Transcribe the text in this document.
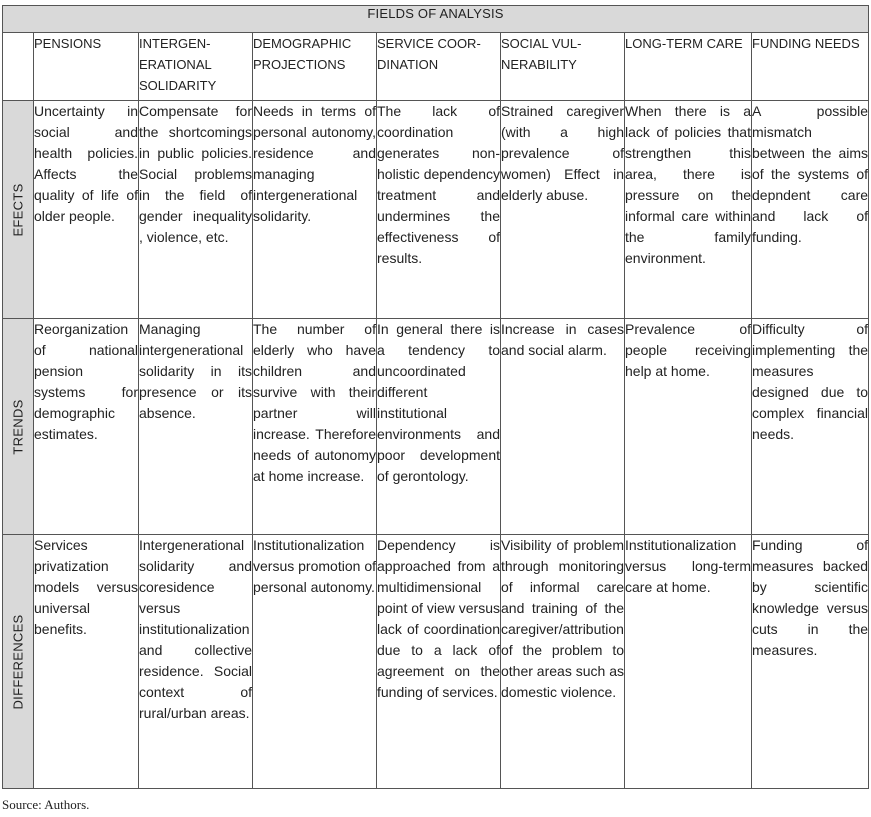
FIELDS OF ANALYSIS							
	PENSIONS	INTERGEN-ERATIONAL SOLIDARITY	DEMOGRAPHIC PROJECTIONS	SERVICE COOR-DINATION	SOCIAL VUL-NERABILITY	LONG-TERM CARE	FUNDING NEEDS

EFECTS	Uncertainty in social and health policies. Affects the quality of life of older people.	Compensate for the shortcomings in public policies. Social problems in the field of gender inequality , violence, etc.	Needs in terms of personal autonomy, residence and managing intergenerational solidarity.	The lack of coordination generates non-holistic dependency treatment and undermines the effectiveness of results.	Strained caregiver (with a high prevalence of women) Effect in elderly abuse.	When there is a lack of policies that strengthen this area, there is pressure on the informal care within the family environment.	A possible mismatch between the aims of the systems of depndent care and lack of funding.

TRENDS	Reorganization of national pension systems for demographic estimates.	Managing intergenerational solidarity in its presence or its absence.	The number of elderly who have children and survive with their partner will increase. Therefore needs of autonomy at home increase.	In general there is a tendency to uncoordinated different institutional environments and poor development of gerontology.	Increase in cases and social alarm.	Prevalence of people receiving help at home.	Difficulty of implementing the measures designed due to complex financial needs.

DIFFERENCES	Services privatization models versus universal benefits.	Intergenerational solidarity and coresidence versus institutionalization and collective residence. Social context of rural/urban areas.	Institutionalization versus promotion of personal autonomy.	Dependency is approached from a multidimensional point of view versus lack of coordination due to a lack of agreement on the funding of services.	Visibility of problem through monitoring of informal care and training of the caregiver/attribution of the problem to other areas such as domestic violence.	Institutionalization versus long-term care at home.	Funding of measures backed by scientific knowledge versus cuts in the measures.
Source: Authors.
